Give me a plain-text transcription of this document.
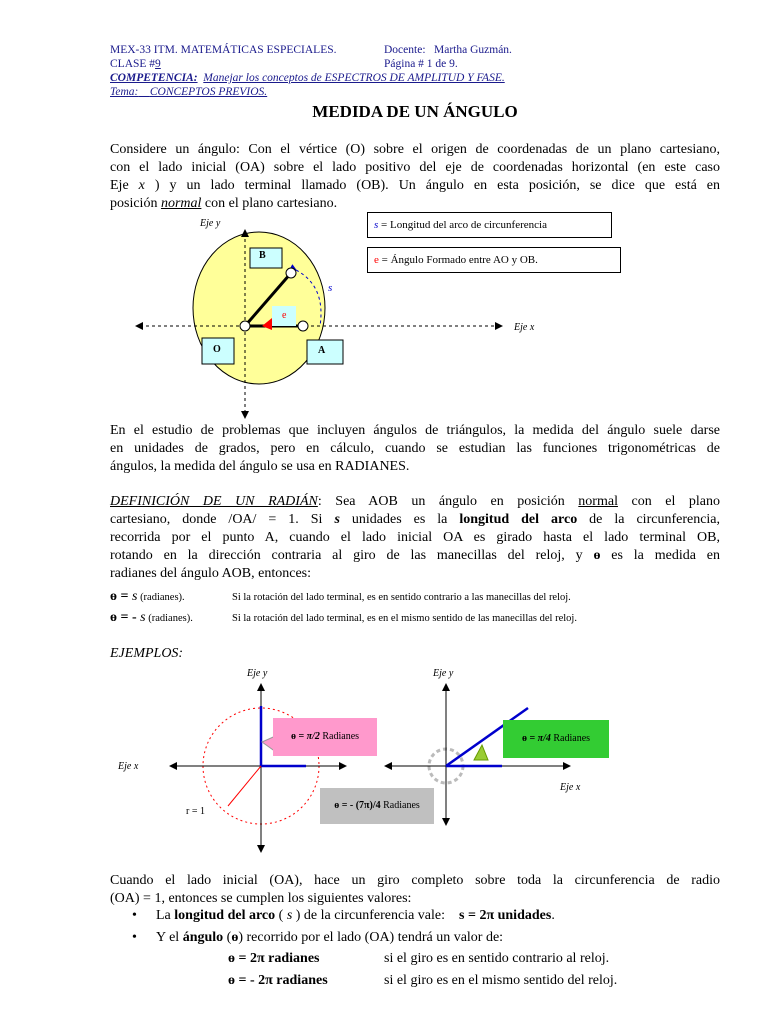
MEX-33 ITM. MATEMÁTICAS ESPECIALES.	Docente: Martha Guzmán.
CLASE #9	Página # 1 de 9.
COMPETENCIA: Manejar los conceptos de ESPECTROS DE AMPLITUD Y FASE.
Tema: CONCEPTOS PREVIOS.
MEDIDA DE UN ÁNGULO
Considere un ángulo: Con el vértice (O) sobre el origen de coordenadas de un plano cartesiano,
con el lado inicial (OA) sobre el lado positivo del eje de coordenadas horizontal (en este caso
Eje x ) y un lado terminal llamado (OB). Un ángulo en esta posición, se dice que está en
posición normal con el plano cartesiano.
Eje y
Eje x
B
O	A
s
e
s = Longitud del arco de circunferencia
e = Ángulo Formado entre AO y OB.
En el estudio de problemas que incluyen ángulos de triángulos, la medida del ángulo suele darse
en unidades de grados, pero en cálculo, cuando se estudian las funciones trigonométricas de
ángulos, la medida del ángulo se usa en RADIANES.
DEFINICIÓN DE UN RADIÁN: Sea AOB un ángulo en posición normal con el plano
cartesiano, donde /OA/ = 1. Si s unidades es la longitud del arco de la circunferencia,
recorrida por el punto A, cuando el lado inicial OA es girado hasta el lado terminal OB,
rotando en la dirección contraria al giro de las manecillas del reloj, y ɵ es la medida en
radianes del ángulo AOB, entonces:
ɵ = s (radianes).	Si la rotación del lado terminal, es en sentido contrario a las manecillas del reloj.
ɵ = - s (radianes).	Si la rotación del lado terminal, es en el mismo sentido de las manecillas del reloj.
EJEMPLOS:
Eje y
Eje x
r = 1
Eje y
Eje x
ɵ = π/2 Radianes
ɵ = - (7π)/4 Radianes
ɵ = π/4 Radianes
Cuando el lado inicial (OA), hace un giro completo sobre toda la circunferencia de radio
(OA) = 1, entonces se cumplen los siguientes valores:
• La longitud del arco ( s ) de la circunferencia vale:    s = 2π unidades.
• Y el ángulo (ɵ) recorrido por el lado (OA) tendrá un valor de:
ɵ = 2π radianes	si el giro es en sentido contrario al reloj.
ɵ = - 2π radianes	si el giro es en el mismo sentido del reloj.
